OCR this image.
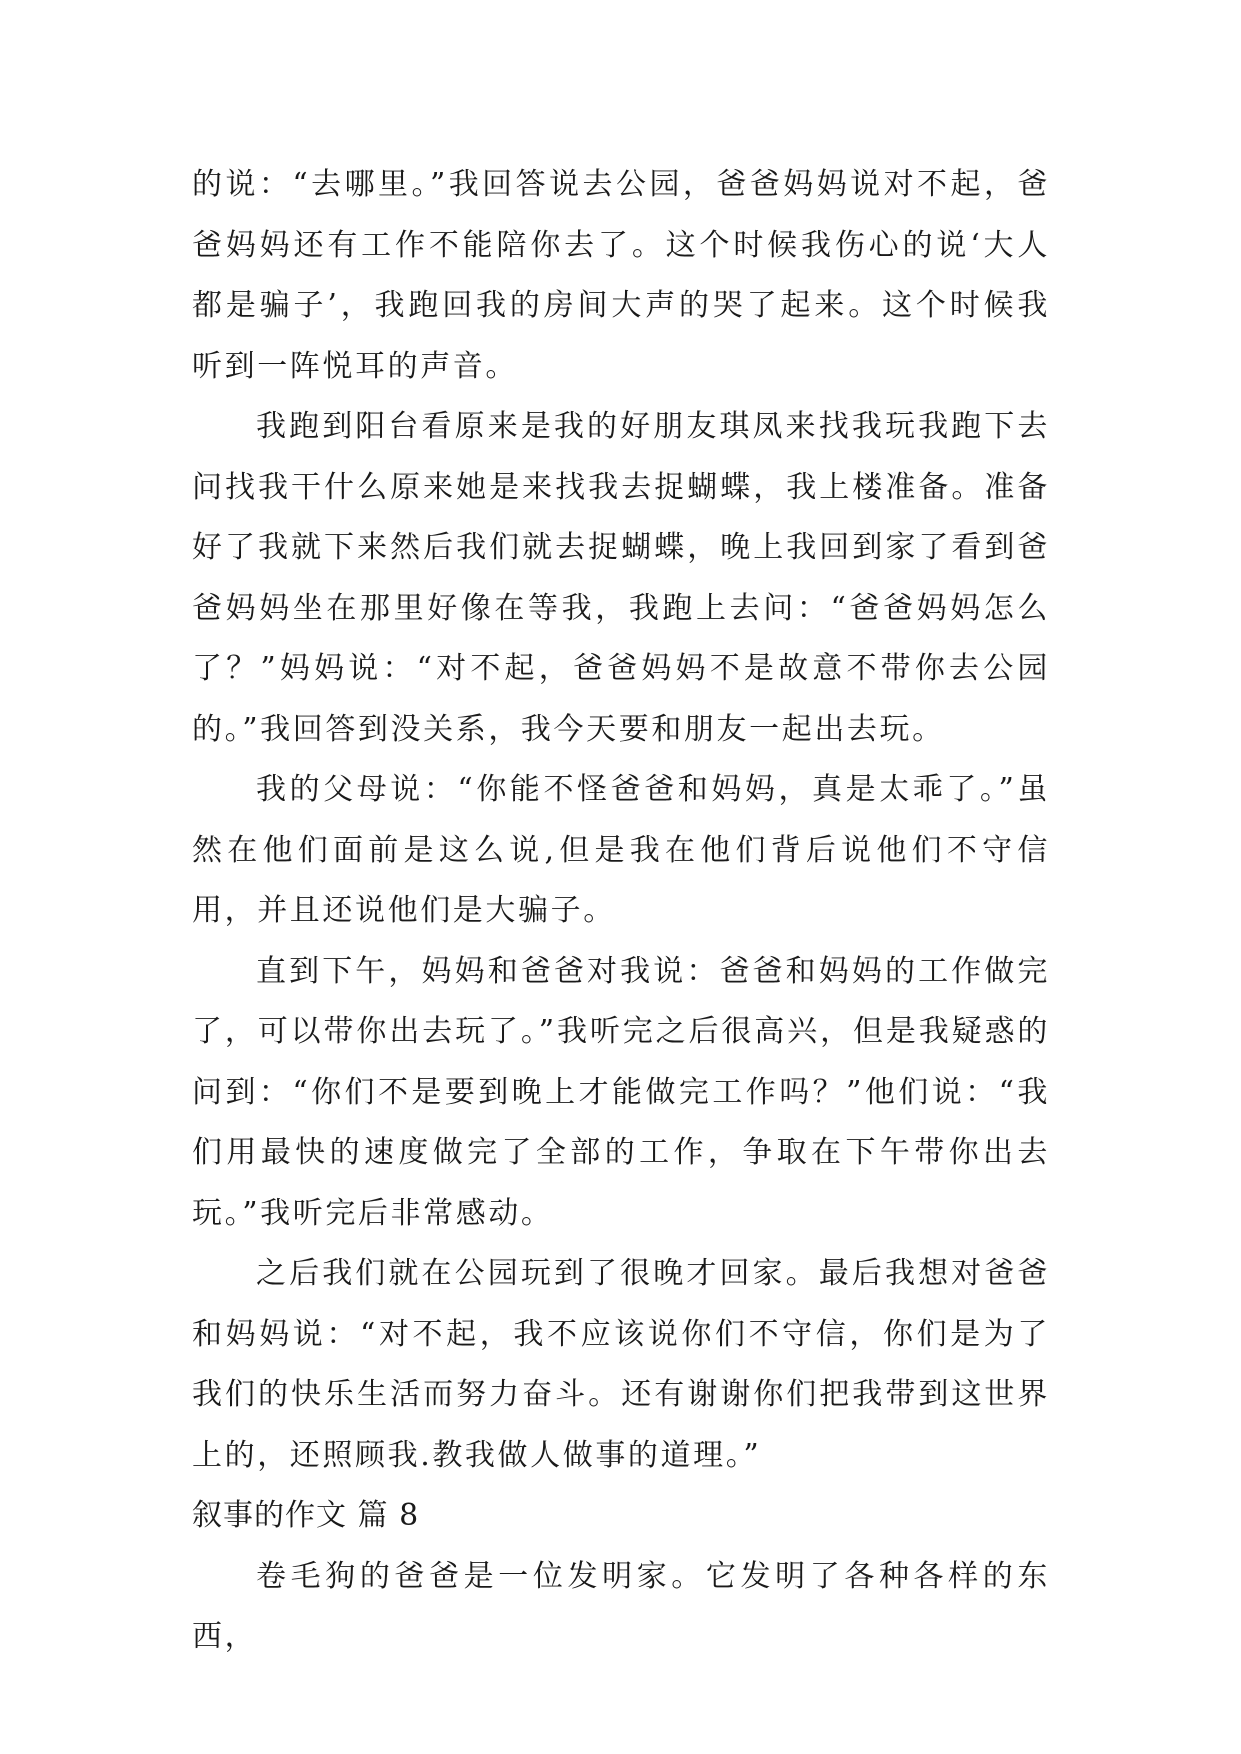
的说：“去哪里。”我回答说去公园，爸爸妈妈说对不起，爸爸妈妈还有工作不能陪你去了。这个时候我伤心的说‘大人都是骗子’，我跑回我的房间大声的哭了起来。这个时候我听到一阵悦耳的声音。

我跑到阳台看原来是我的好朋友琪凤来找我玩我跑下去问找我干什么原来她是来找我去捉蝴蝶，我上楼准备。准备好了我就下来然后我们就去捉蝴蝶，晚上我回到家了看到爸爸妈妈坐在那里好像在等我，我跑上去问：“爸爸妈妈怎么了？”妈妈说：“对不起，爸爸妈妈不是故意不带你去公园的。”我回答到没关系，我今天要和朋友一起出去玩。

我的父母说：“你能不怪爸爸和妈妈，真是太乖了。”虽然在他们面前是这么说,但是我在他们背后说他们不守信用，并且还说他们是大骗子。

直到下午，妈妈和爸爸对我说：爸爸和妈妈的工作做完了，可以带你出去玩了。”我听完之后很高兴，但是我疑惑的问到：“你们不是要到晚上才能做完工作吗？”他们说：“我们用最快的速度做完了全部的工作，争取在下午带你出去玩。”我听完后非常感动。

之后我们就在公园玩到了很晚才回家。最后我想对爸爸和妈妈说：“对不起，我不应该说你们不守信，你们是为了我们的快乐生活而努力奋斗。还有谢谢你们把我带到这世界上的，还照顾我.教我做人做事的道理。”

叙事的作文 篇 8

卷毛狗的爸爸是一位发明家。它发明了各种各样的东西，
